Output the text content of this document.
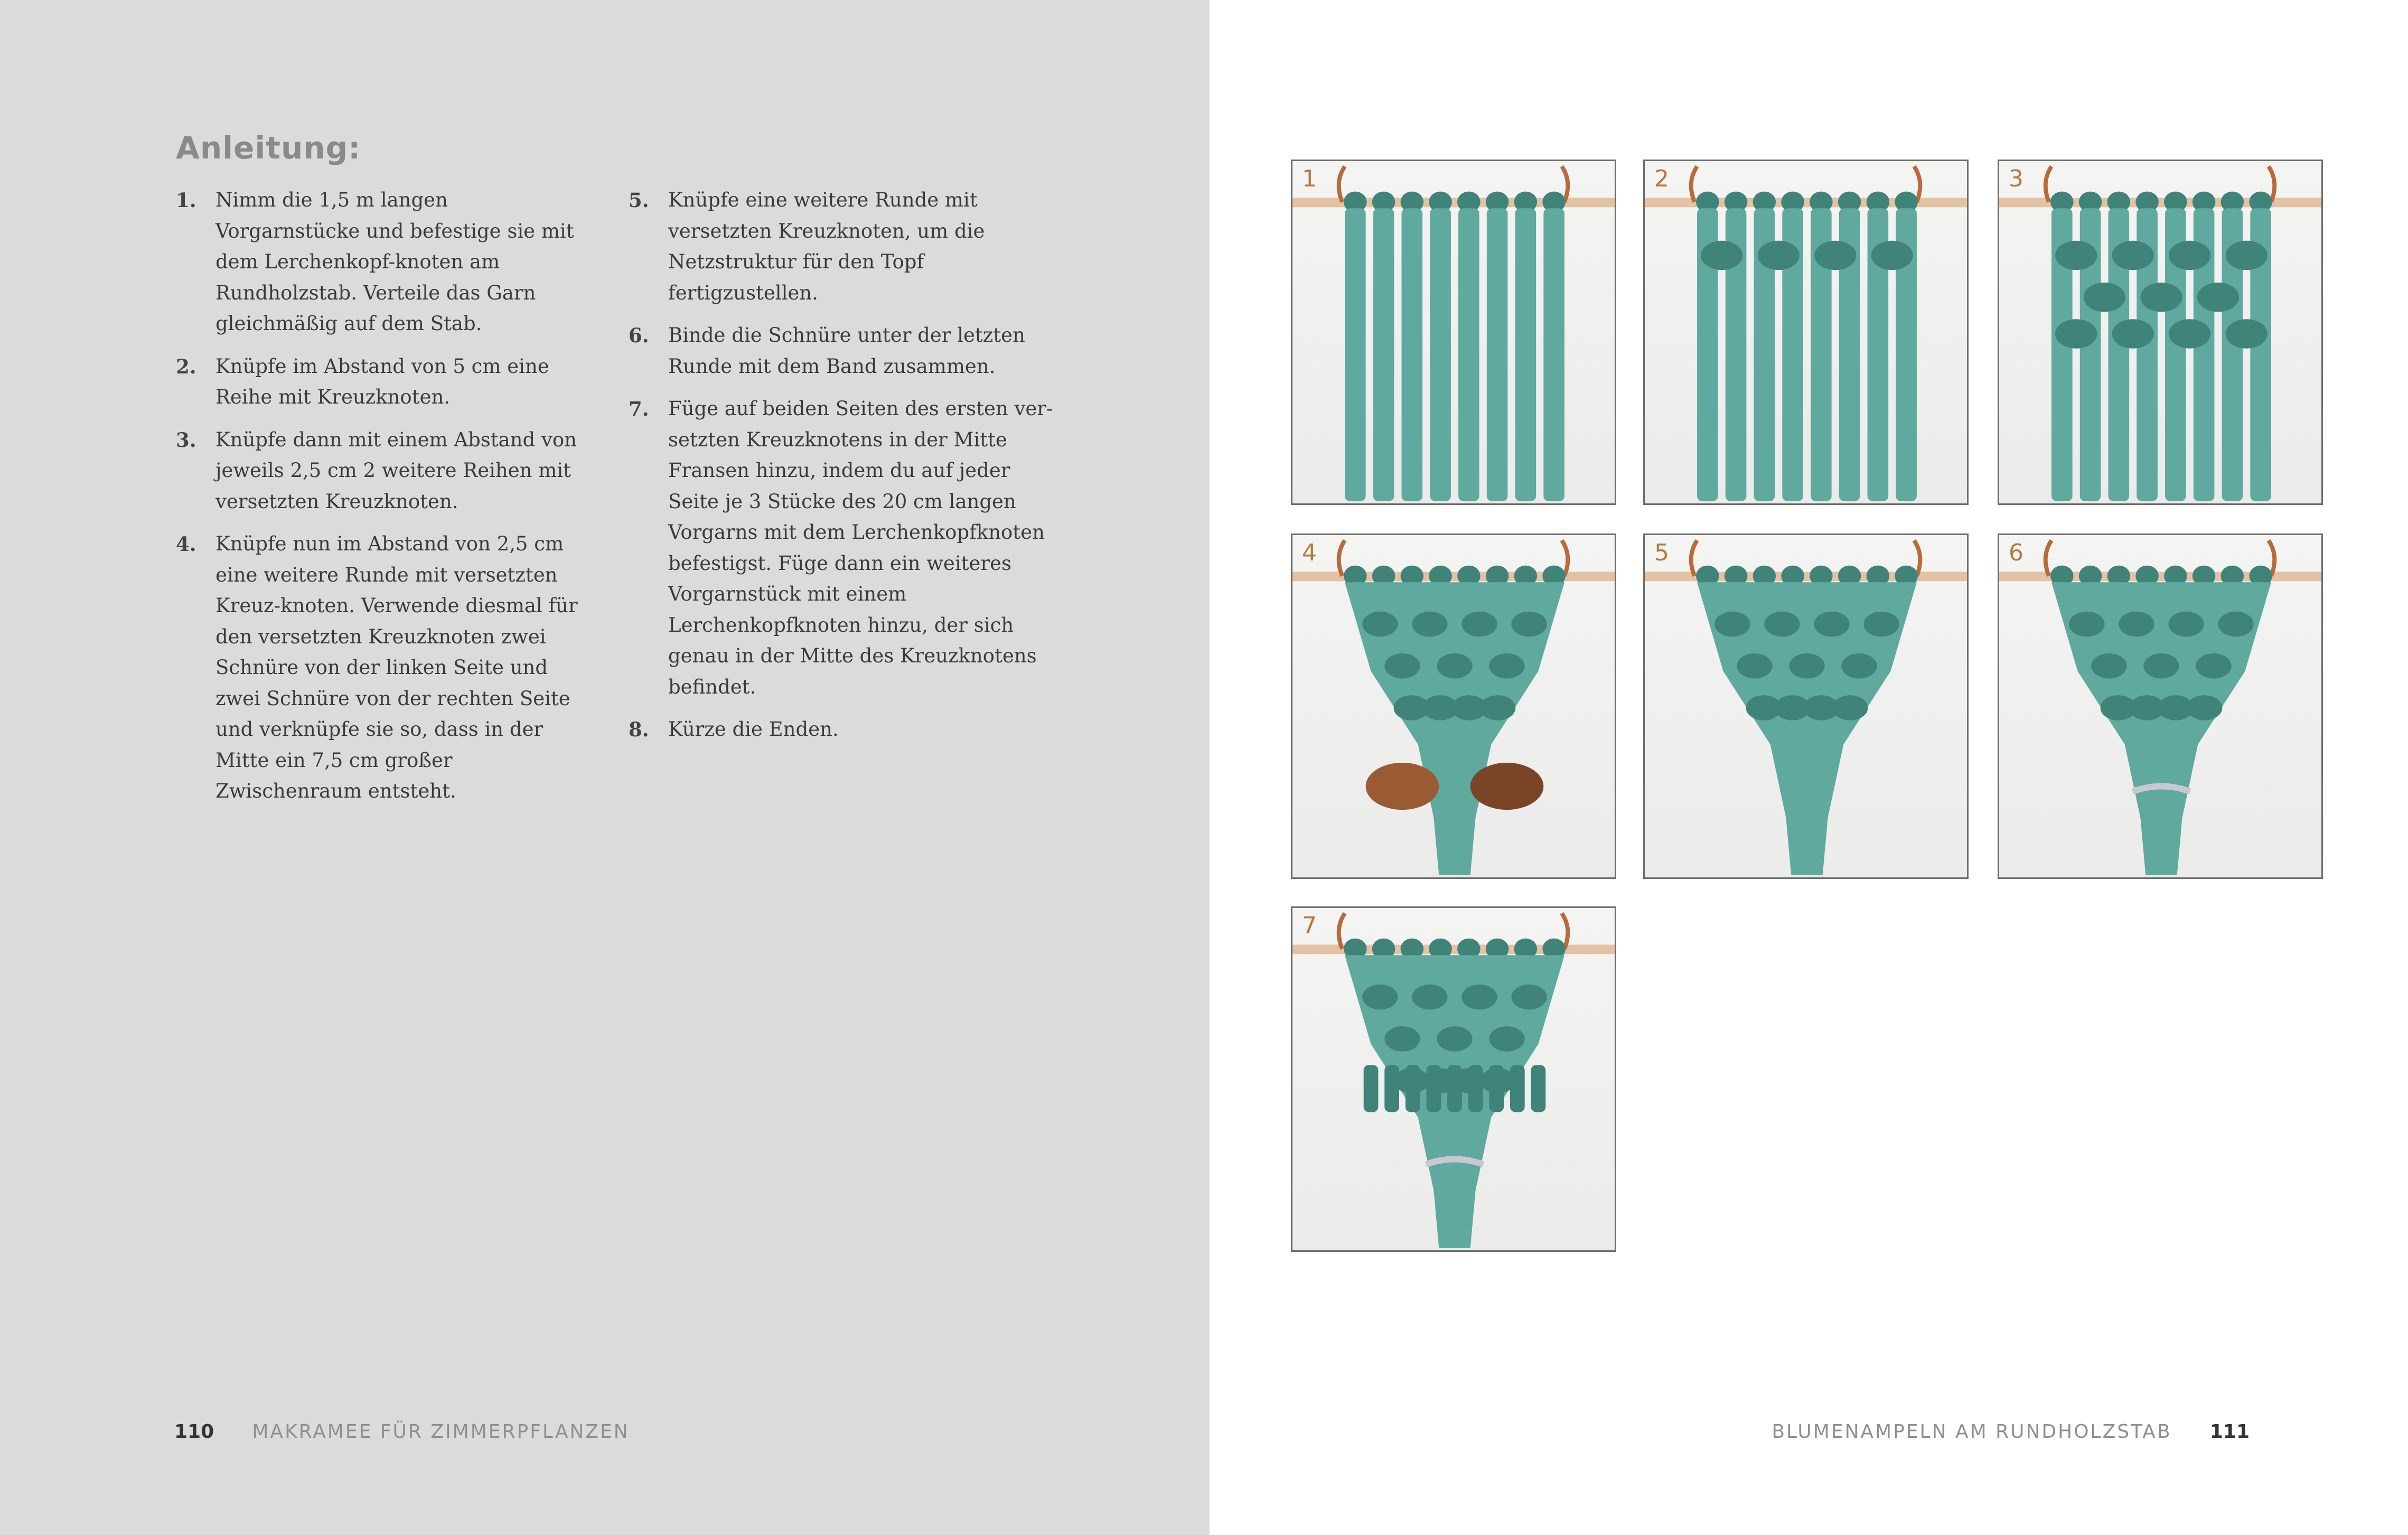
Anleitung:
1. Nimm die 1,5 m langen Vorgarnstücke und befestige sie mit dem Lerchenkopf-knoten am Rundholzstab. Verteile das Garn gleichmäßig auf dem Stab.
2. Knüpfe im Abstand von 5 cm eine Reihe mit Kreuzknoten.
3. Knüpfe dann mit einem Abstand von jeweils 2,5 cm 2 weitere Reihen mit versetzten Kreuzknoten.
4. Knüpfe nun im Abstand von 2,5 cm eine weitere Runde mit versetzten Kreuz-knoten. Verwende diesmal für den versetzten Kreuzknoten zwei Schnüre von der linken Seite und zwei Schnüre von der rechten Seite und verknüpfe sie so, dass in der Mitte ein 7,5 cm großer Zwischenraum entsteht.
5. Knüpfe eine weitere Runde mit versetzten Kreuzknoten, um die Netzstruktur für den Topf fertigzustellen.
6. Binde die Schnüre unter der letzten Runde mit dem Band zusammen.
7. Füge auf beiden Seiten des ersten ver-setzten Kreuzknotens in der Mitte Fransen hinzu, indem du auf jeder Seite je 3 Stücke des 20 cm langen Vorgarns mit dem Lerchenkopfknoten befestigst. Füge dann ein weiteres Vorgarnstück mit einem Lerchenkopfknoten hinzu, der sich genau in der Mitte des Kreuzknotens befindet.
8. Kürze die Enden.
110 MAKRAMEE FÜR ZIMMERPFLANZEN	BLUMENAMPELN AM RUNDHOLZSTAB 111
1	2	3
4	5	6
7
